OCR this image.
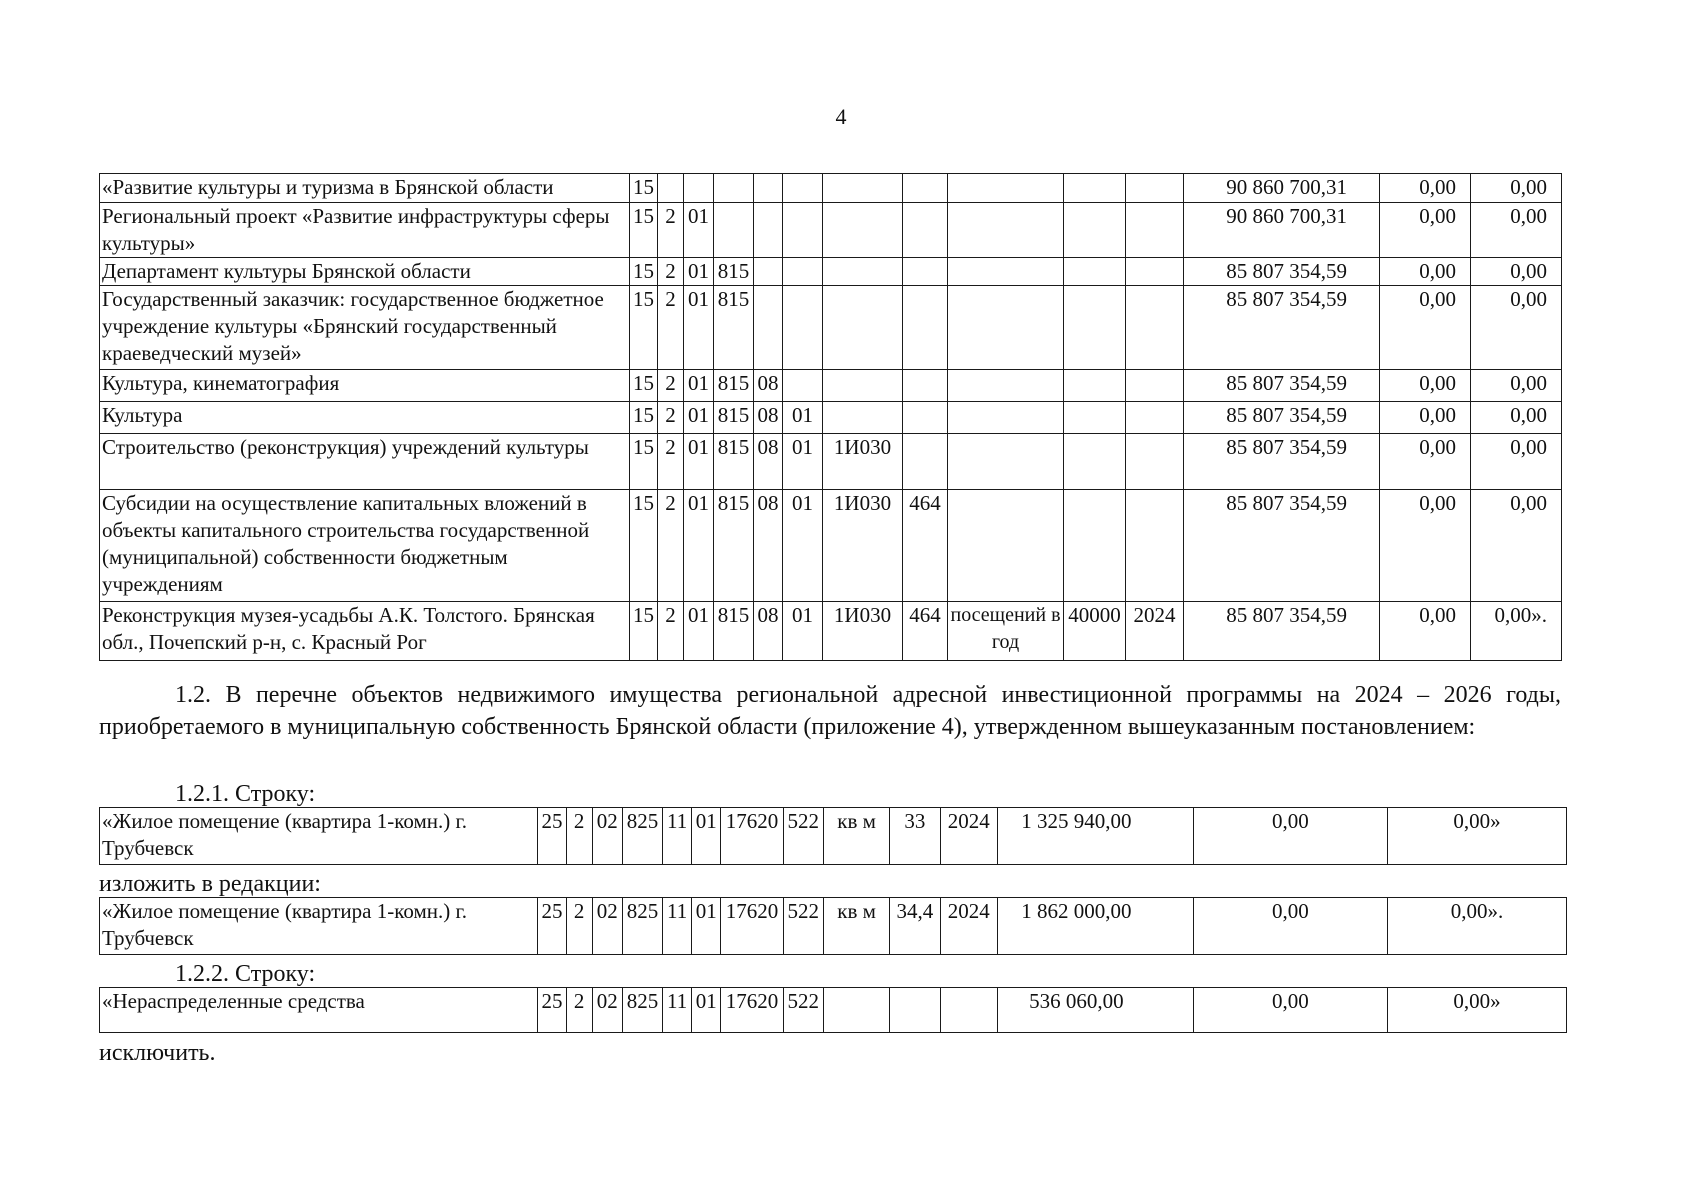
4
«Развитие культуры и туризма в Брянской области	15											90 860 700,31	0,00	0,00
Региональный проект «Развитие инфраструктуры сферы культуры»	15	2	01									90 860 700,31	0,00	0,00
Департамент культуры Брянской области	15	2	01	815								85 807 354,59	0,00	0,00
Государственный заказчик: государственное бюджетное учреждение культуры «Брянский государственный краеведческий музей»	15	2	01	815								85 807 354,59	0,00	0,00
Культура, кинематография	15	2	01	815	08							85 807 354,59	0,00	0,00
Культура	15	2	01	815	08	01						85 807 354,59	0,00	0,00
Строительство (реконструкция) учреждений культуры	15	2	01	815	08	01	1И030					85 807 354,59	0,00	0,00
Субсидии на осуществление капитальных вложений в объекты капитального строительства государственной (муниципальной) собственности бюджетным учреждениям	15	2	01	815	08	01	1И030	464				85 807 354,59	0,00	0,00
Реконструкция музея-усадьбы А.К. Толстого. Брянская обл., Почепский р-н, с. Красный Рог	15	2	01	815	08	01	1И030	464	посещений в год	40000	2024	85 807 354,59	0,00	0,00».
1.2. В перечне объектов недвижимого имущества региональной адресной инвестиционной программы на 2024 – 2026 годы, приобретаемого в муниципальную собственность Брянской области (приложение 4), утвержденном вышеуказанным постановлением:
1.2.1. Строку:
«Жилое помещение (квартира 1-комн.) г. Трубчевск	25	2	02	825	11	01	17620	522	кв м	33	2024	1 325 940,00	0,00	0,00»
изложить в редакции:
«Жилое помещение (квартира 1-комн.) г. Трубчевск	25	2	02	825	11	01	17620	522	кв м	34,4	2024	1 862 000,00	0,00	0,00».
1.2.2. Строку:
«Нераспределенные средства	25	2	02	825	11	01	17620	522				536 060,00	0,00	0,00»
исключить.
